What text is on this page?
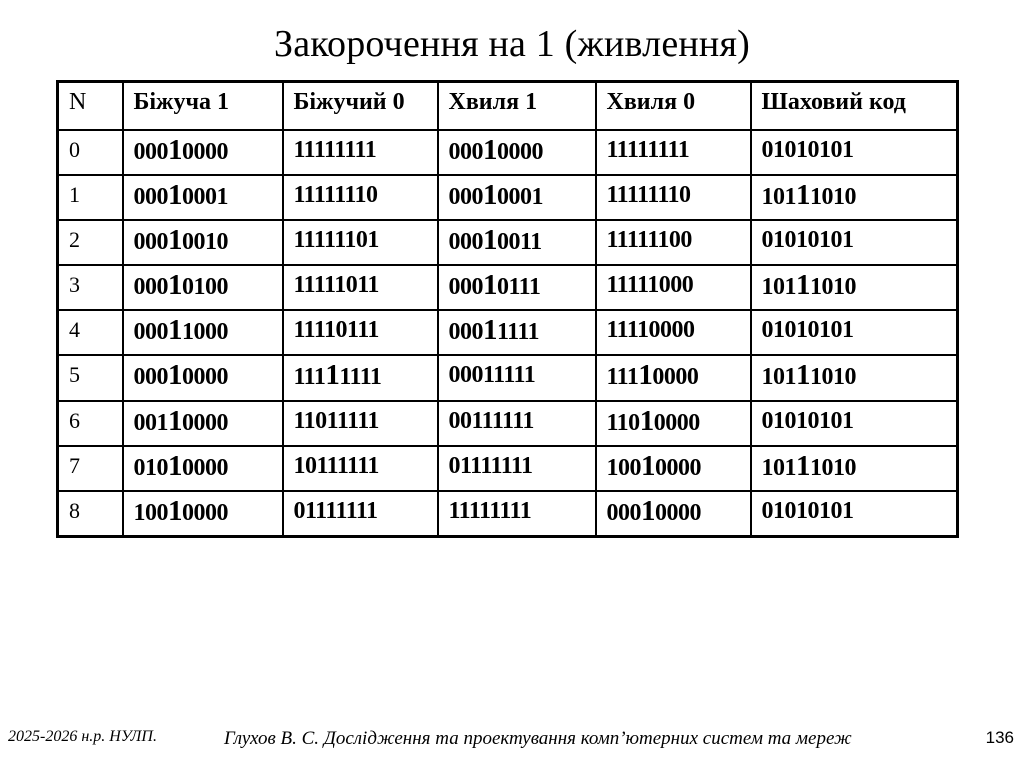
Закорочення на 1 (живлення)
N	Біжуча 1	Біжучий 0	Хвиля 1	Хвиля 0	Шаховий код
0	00010000	11111111	00010000	11111111	01010101
1	00010001	11111110	00010001	11111110	10111010
2	00010010	11111101	00010011	11111100	01010101
3	00010100	11111011	00010111	11111000	10111010
4	00011000	11110111	00011111	11110000	01010101
5	00010000	11111111	00011111	11110000	10111010
6	00110000	11011111	00111111	11010000	01010101
7	01010000	10111111	01111111	10010000	10111010
8	10010000	01111111	11111111	00010000	01010101
2025-2026 н.р. НУЛП.	Глухов В. С. Дослідження та проектування комп’ютерних систем та мереж	136
